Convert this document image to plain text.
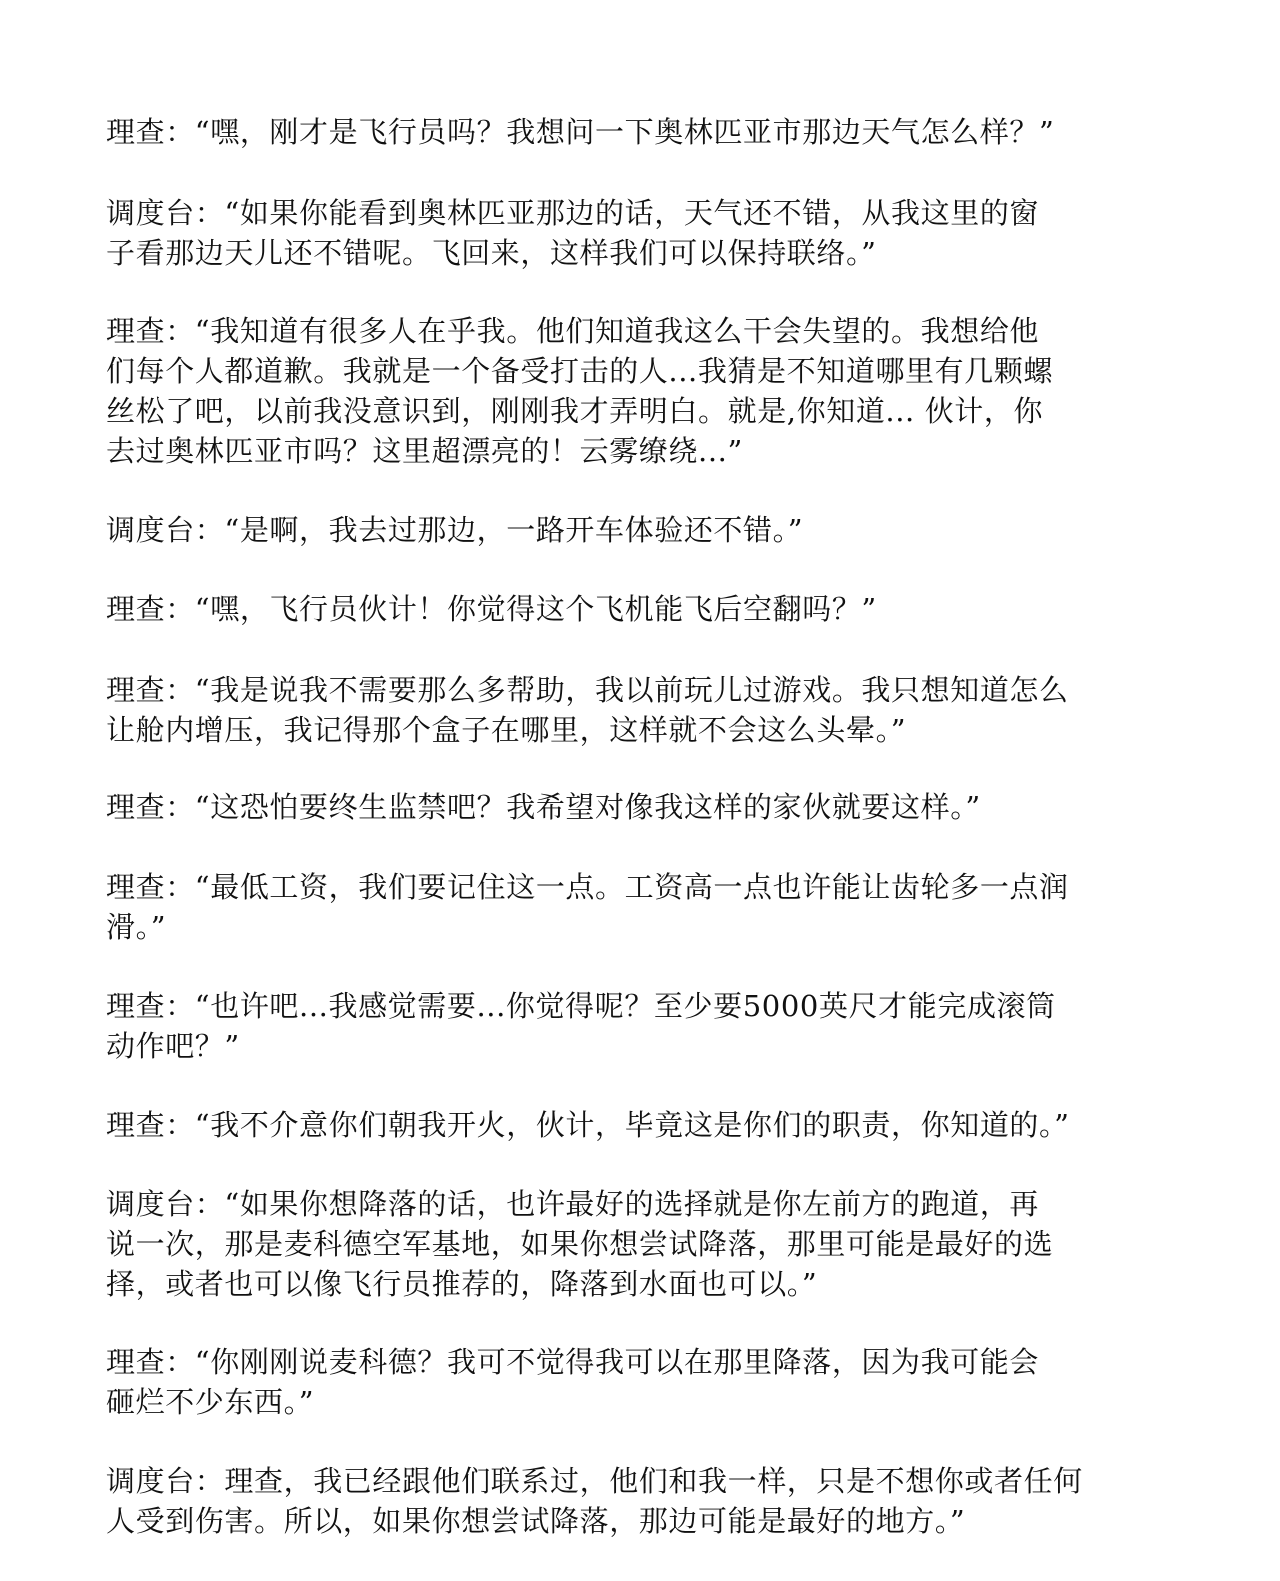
理查：“嘿，刚才是飞行员吗？我想问一下奥林匹亚市那边天气怎么样？”
调度台：“如果你能看到奥林匹亚那边的话，天气还不错，从我这里的窗
子看那边天儿还不错呢。飞回来，这样我们可以保持联络。”
理查：“我知道有很多人在乎我。他们知道我这么干会失望的。我想给他
们每个人都道歉。我就是一个备受打击的人...我猜是不知道哪里有几颗螺
丝松了吧，以前我没意识到，刚刚我才弄明白。就是,你知道... 伙计，你
去过奥林匹亚市吗？这里超漂亮的！云雾缭绕...”
调度台：“是啊，我去过那边，一路开车体验还不错。”
理查：“嘿，飞行员伙计！你觉得这个飞机能飞后空翻吗？”
理查：“我是说我不需要那么多帮助，我以前玩儿过游戏。我只想知道怎么
让舱内增压，我记得那个盒子在哪里，这样就不会这么头晕。”
理查：“这恐怕要终生监禁吧？我希望对像我这样的家伙就要这样。”
理查：“最低工资，我们要记住这一点。工资高一点也许能让齿轮多一点润
滑。”
理查：“也许吧...我感觉需要...你觉得呢？至少要5000英尺才能完成滚筒
动作吧？”
理查：“我不介意你们朝我开火，伙计，毕竟这是你们的职责，你知道的。”
调度台：“如果你想降落的话，也许最好的选择就是你左前方的跑道，再
说一次，那是麦科德空军基地，如果你想尝试降落，那里可能是最好的选
择，或者也可以像飞行员推荐的，降落到水面也可以。”
理查：“你刚刚说麦科德？我可不觉得我可以在那里降落，因为我可能会
砸烂不少东西。”
调度台：理查，我已经跟他们联系过，他们和我一样，只是不想你或者任何
人受到伤害。所以，如果你想尝试降落，那边可能是最好的地方。”
